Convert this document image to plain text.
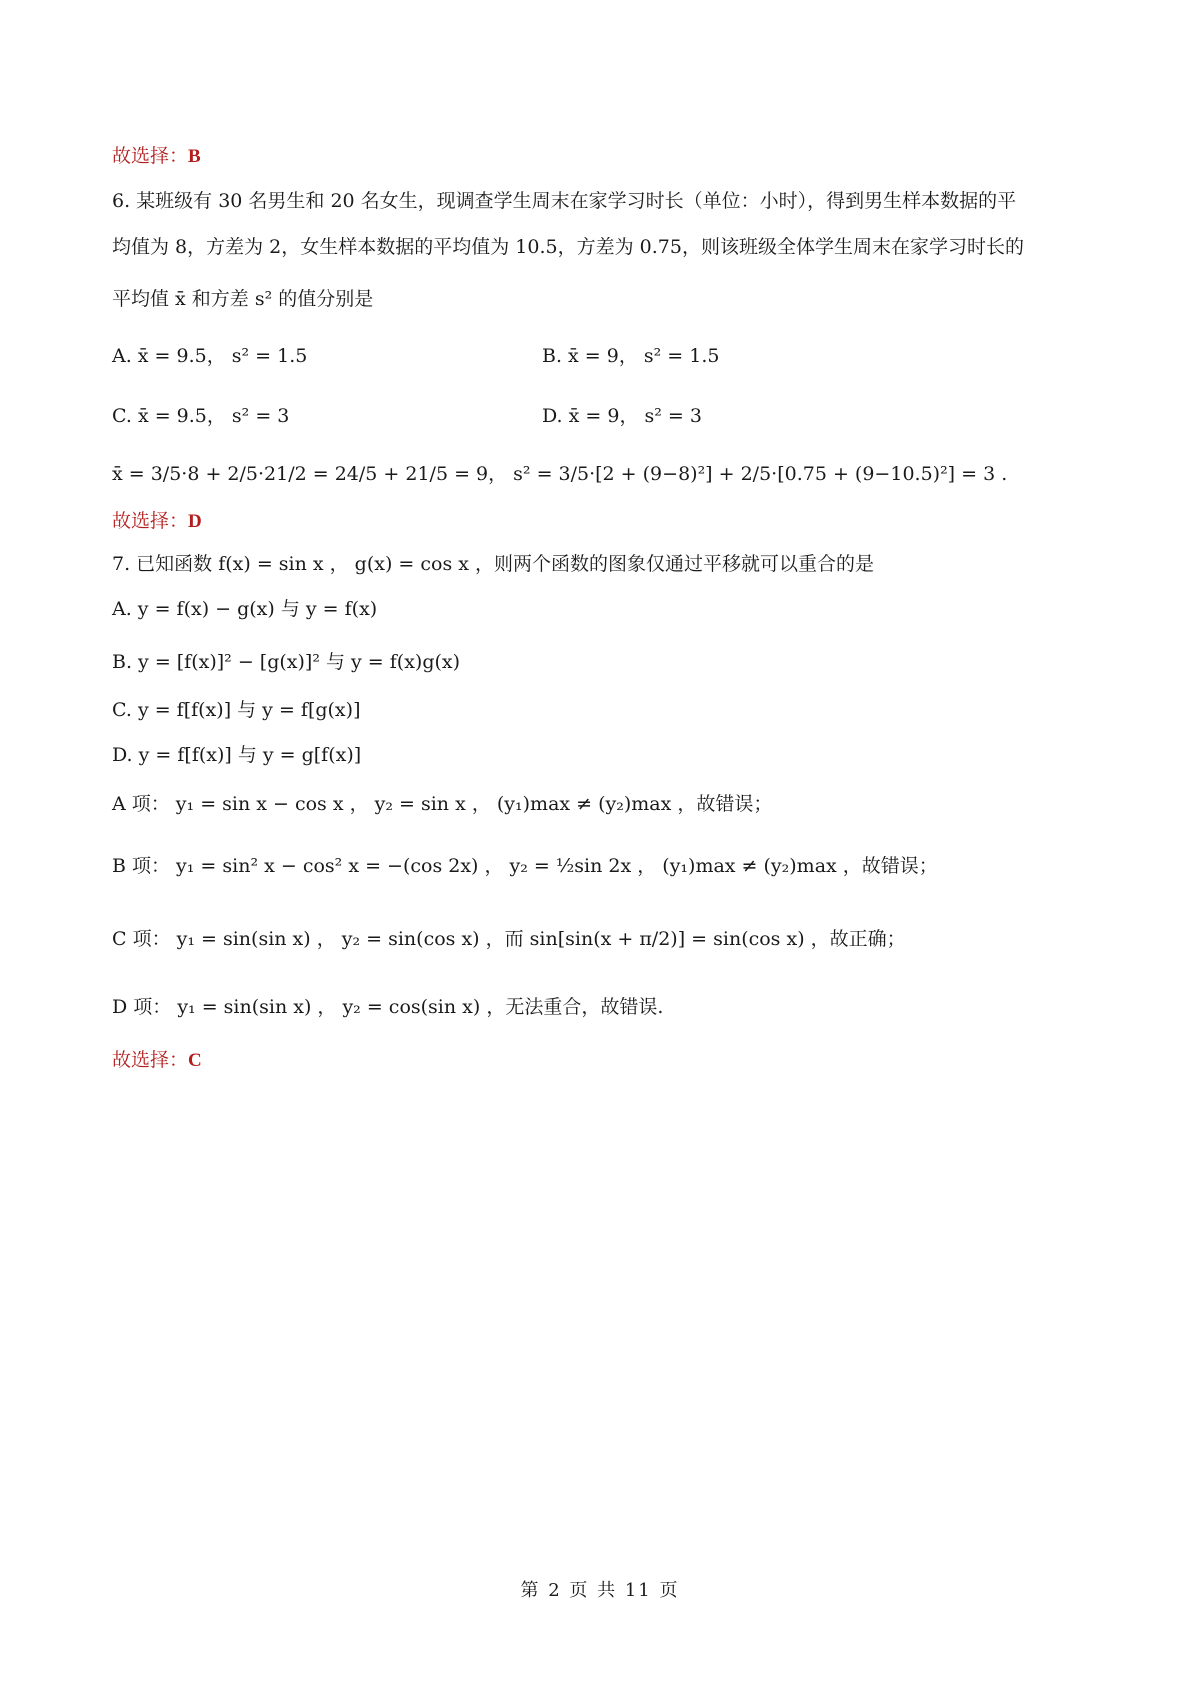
故选择：B
6. 某班级有 30 名男生和 20 名女生，现调查学生周末在家学习时长（单位：小时），得到男生样本数据的平
均值为 8，方差为 2，女生样本数据的平均值为 10.5，方差为 0.75，则该班级全体学生周末在家学习时长的
平均值 x̄ 和方差 s² 的值分别是
A. x̄ = 9.5， s² = 1.5	B. x̄ = 9， s² = 1.5
C. x̄ = 9.5， s² = 3	D. x̄ = 9， s² = 3
x̄ = 3/5·8 + 2/5·21/2 = 24/5 + 21/5 = 9， s² = 3/5·[2 + (9−8)²] + 2/5·[0.75 + (9−10.5)²] = 3 .
故选择：D
7. 已知函数 f(x) = sin x ， g(x) = cos x ，则两个函数的图象仅通过平移就可以重合的是
A. y = f(x) − g(x) 与 y = f(x)
B. y = [f(x)]² − [g(x)]² 与 y = f(x)g(x)
C. y = f[f(x)] 与 y = f[g(x)]
D. y = f[f(x)] 与 y = g[f(x)]
A 项： y₁ = sin x − cos x ， y₂ = sin x ， (y₁)max ≠ (y₂)max ，故错误；
B 项： y₁ = sin² x − cos² x = −(cos 2x) ， y₂ = ½sin 2x ， (y₁)max ≠ (y₂)max ，故错误；
C 项： y₁ = sin(sin x) ， y₂ = sin(cos x) ，而 sin[sin(x + π/2)] = sin(cos x) ，故正确；
D 项： y₁ = sin(sin x) ， y₂ = cos(sin x) ，无法重合，故错误.
故选择：C
第 2 页 共 11 页
